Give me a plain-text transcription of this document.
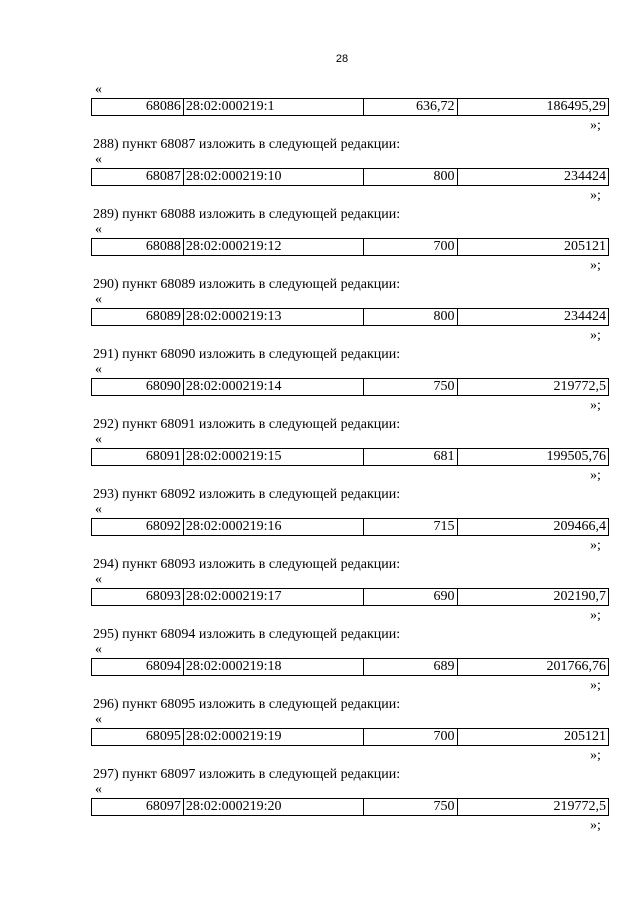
28
«
68086	28:02:000219:1	636,72	186495,29
»;
288) пункт 68087 изложить в следующей редакции:
«
68087	28:02:000219:10	800	234424
»;
289) пункт 68088 изложить в следующей редакции:
«
68088	28:02:000219:12	700	205121
»;
290) пункт 68089 изложить в следующей редакции:
«
68089	28:02:000219:13	800	234424
»;
291) пункт 68090 изложить в следующей редакции:
«
68090	28:02:000219:14	750	219772,5
»;
292) пункт 68091 изложить в следующей редакции:
«
68091	28:02:000219:15	681	199505,76
»;
293) пункт 68092 изложить в следующей редакции:
«
68092	28:02:000219:16	715	209466,4
»;
294) пункт 68093 изложить в следующей редакции:
«
68093	28:02:000219:17	690	202190,7
»;
295) пункт 68094 изложить в следующей редакции:
«
68094	28:02:000219:18	689	201766,76
»;
296) пункт 68095 изложить в следующей редакции:
«
68095	28:02:000219:19	700	205121
»;
297) пункт 68097 изложить в следующей редакции:
«
68097	28:02:000219:20	750	219772,5
»;
